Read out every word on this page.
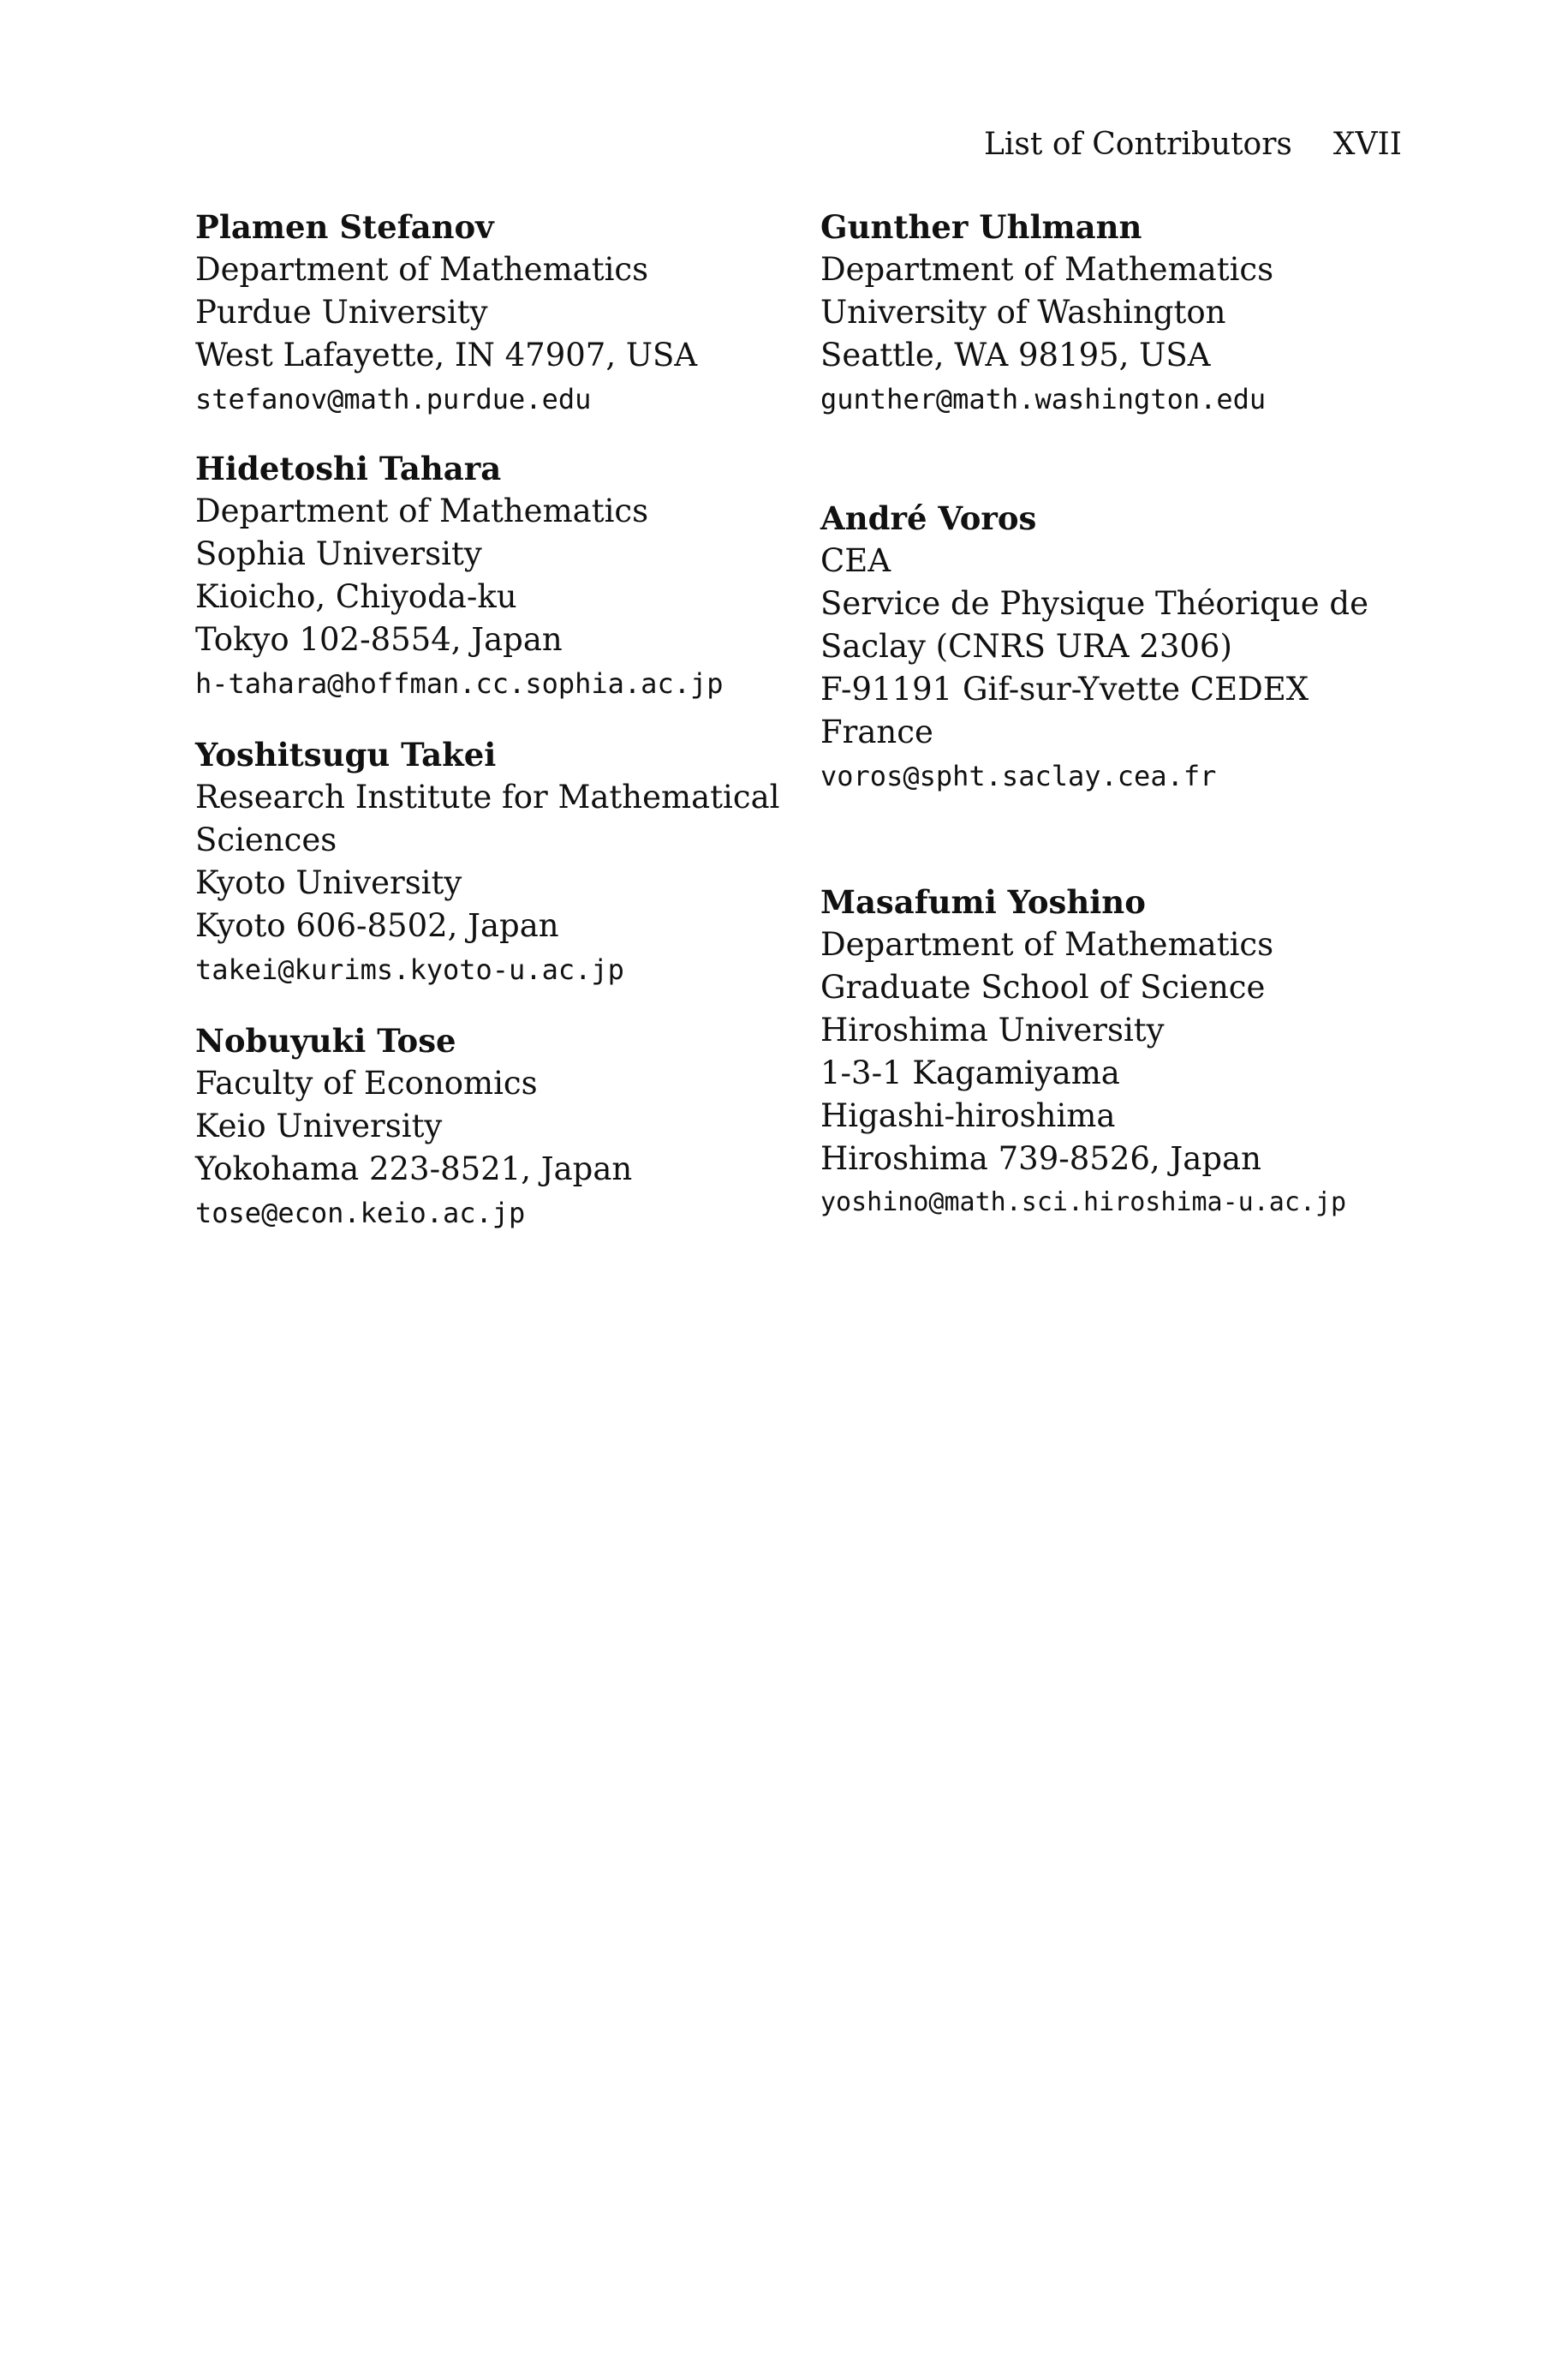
List of Contributors XVII
Plamen Stefanov
Department of Mathematics
Purdue University
West Lafayette, IN 47907, USA
stefanov@math.purdue.edu
Hidetoshi Tahara
Department of Mathematics
Sophia University
Kioicho, Chiyoda-ku
Tokyo 102-8554, Japan
h-tahara@hoffman.cc.sophia.ac.jp
Yoshitsugu Takei
Research Institute for Mathematical
Sciences
Kyoto University
Kyoto 606-8502, Japan
takei@kurims.kyoto-u.ac.jp
Nobuyuki Tose
Faculty of Economics
Keio University
Yokohama 223-8521, Japan
tose@econ.keio.ac.jp
Gunther Uhlmann
Department of Mathematics
University of Washington
Seattle, WA 98195, USA
gunther@math.washington.edu
André Voros
CEA
Service de Physique Théorique de
Saclay (CNRS URA 2306)
F-91191 Gif-sur-Yvette CEDEX
France
voros@spht.saclay.cea.fr
Masafumi Yoshino
Department of Mathematics
Graduate School of Science
Hiroshima University
1-3-1 Kagamiyama
Higashi-hiroshima
Hiroshima 739-8526, Japan
yoshino@math.sci.hiroshima-u.ac.jp
